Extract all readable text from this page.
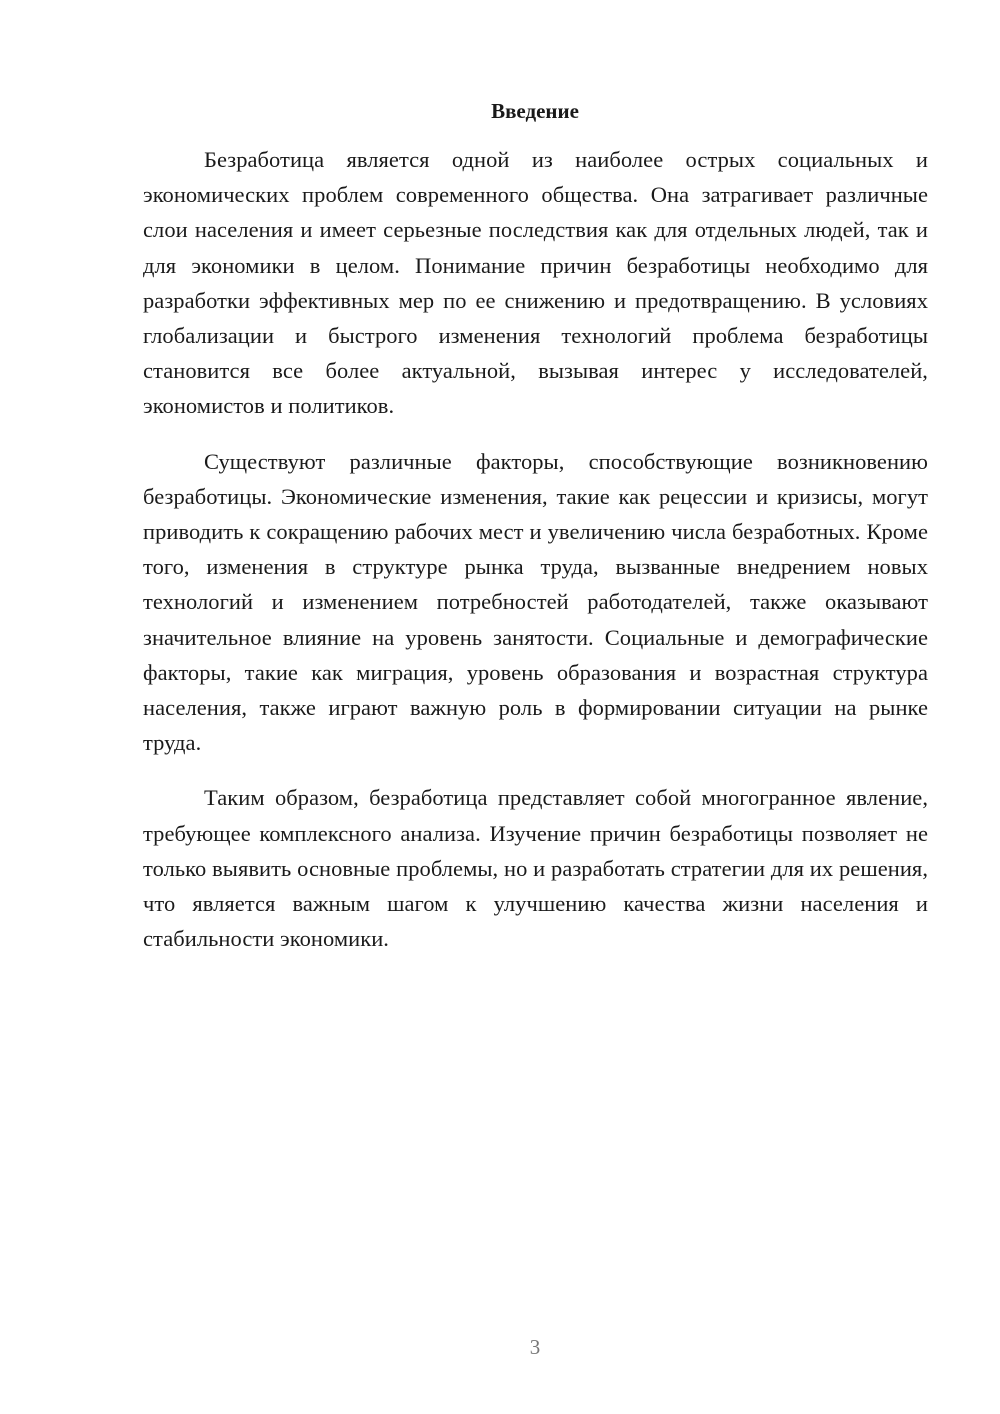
Введение

Безработица является одной из наиболее острых социальных и экономических проблем современного общества. Она затрагивает различные слои населения и имеет серьезные последствия как для отдельных людей, так и для экономики в целом. Понимание причин безработицы необходимо для разработки эффективных мер по ее снижению и предотвращению. В условиях глобализации и быстрого изменения технологий проблема безработицы становится все более актуальной, вызывая интерес у исследователей, экономистов и политиков.

Существуют различные факторы, способствующие возникновению безработицы. Экономические изменения, такие как рецессии и кризисы, могут приводить к сокращению рабочих мест и увеличению числа безработных. Кроме того, изменения в структуре рынка труда, вызванные внедрением новых технологий и изменением потребностей работодателей, также оказывают значительное влияние на уровень занятости. Социальные и демографические факторы, такие как миграция, уровень образования и возрастная структура населения, также играют важную роль в формировании ситуации на рынке труда.

Таким образом, безработица представляет собой многогранное явление, требующее комплексного анализа. Изучение причин безработицы позволяет не только выявить основные проблемы, но и разработать стратегии для их решения, что является важным шагом к улучшению качества жизни населения и стабильности экономики.

3
